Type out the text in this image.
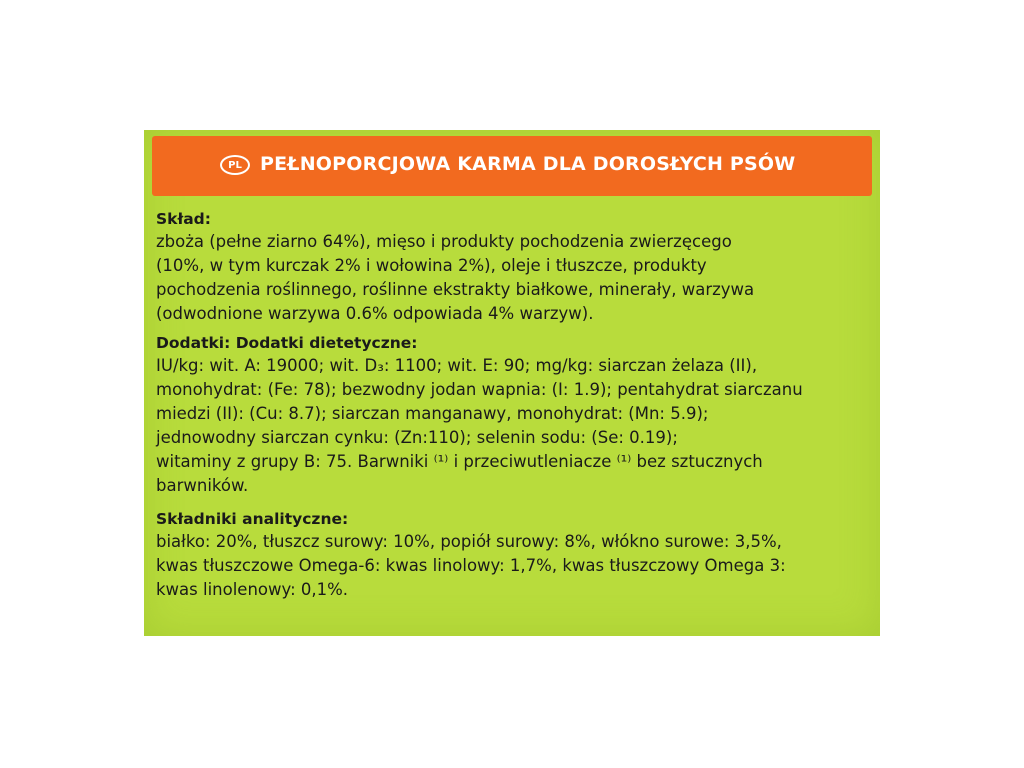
PL PEŁNOPORCJOWA KARMA DLA DOROSŁYCH PSÓW
Skład:
zboża (pełne ziarno 64%), mięso i produkty pochodzenia zwierzęcego
(10%, w tym kurczak 2% i wołowina 2%), oleje i tłuszcze, produkty
pochodzenia roślinnego, roślinne ekstrakty białkowe, minerały, warzywa
(odwodnione warzywa 0.6% odpowiada 4% warzyw).
Dodatki: Dodatki dietetyczne:
IU/kg: wit. A: 19000; wit. D₃: 1100; wit. E: 90; mg/kg: siarczan żelaza (II),
monohydrat: (Fe: 78); bezwodny jodan wapnia: (I: 1.9); pentahydrat siarczanu
miedzi (II): (Cu: 8.7); siarczan manganawy, monohydrat: (Mn: 5.9);
jednowodny siarczan cynku: (Zn:110); selenin sodu: (Se: 0.19);
witaminy z grupy B: 75. Barwniki ⁽¹⁾ i przeciwutleniacze ⁽¹⁾ bez sztucznych
barwników.
Składniki analityczne:
białko: 20%, tłuszcz surowy: 10%, popiół surowy: 8%, włókno surowe: 3,5%,
kwas tłuszczowe Omega-6: kwas linolowy: 1,7%, kwas tłuszczowy Omega 3:
kwas linolenowy: 0,1%.
